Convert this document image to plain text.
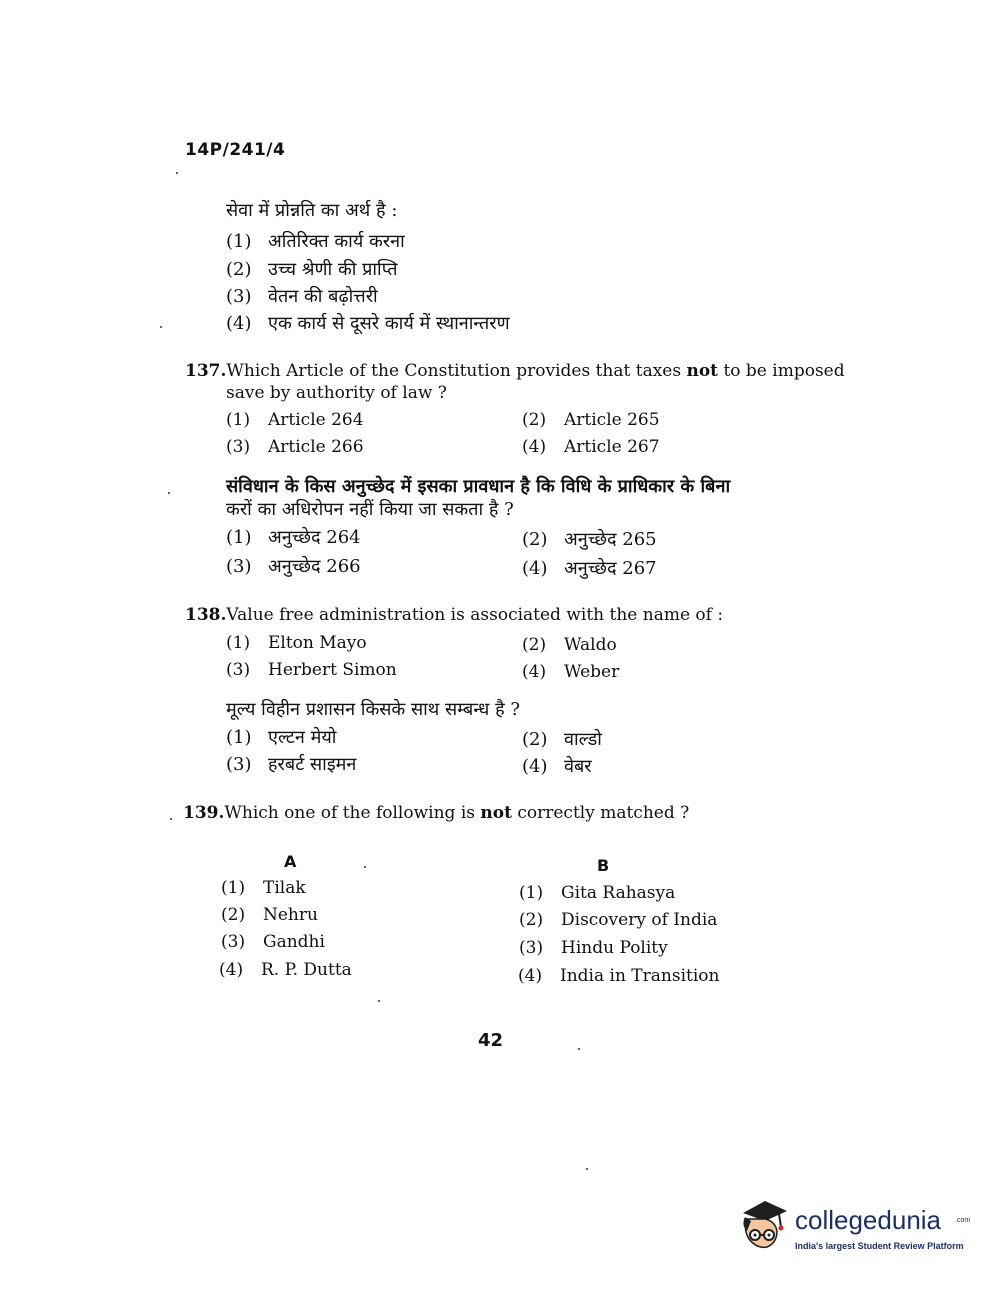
14P/241/4
सेवा में प्रोन्नति का अर्थ है :
(1) अतिरिक्त कार्य करना
(2) उच्च श्रेणी की प्राप्ति
(3) वेतन की बढ़ोत्तरी
(4) एक कार्य से दूसरे कार्य में स्थानान्तरण
137.Which Article of the Constitution provides that taxes not to be imposed
save by authority of law ?
(1) Article 264	(2) Article 265
(3) Article 266	(4) Article 267
संविधान के किस अनुच्छेद में इसका प्रावधान है कि विधि के प्राधिकार के बिना
करों का अधिरोपन नहीं किया जा सकता है ?
(1) अनुच्छेद 264	(2) अनुच्छेद 265
(3) अनुच्छेद 266	(4) अनुच्छेद 267
138.Value free administration is associated with the name of :
(1) Elton Mayo	(2) Waldo
(3) Herbert Simon	(4) Weber
मूल्य विहीन प्रशासन किसके साथ सम्बन्ध है ?
(1) एल्टन मेयो	(2) वाल्डो
(3) हरबर्ट साइमन	(4) वेबर
139.Which one of the following is not correctly matched ?
A	B
(1) Tilak	(1) Gita Rahasya
(2) Nehru	(2) Discovery of India
(3) Gandhi	(3) Hindu Polity
(4) R. P. Dutta	(4) India in Transition
42
collegedunia .com
India's largest Student Review Platform
